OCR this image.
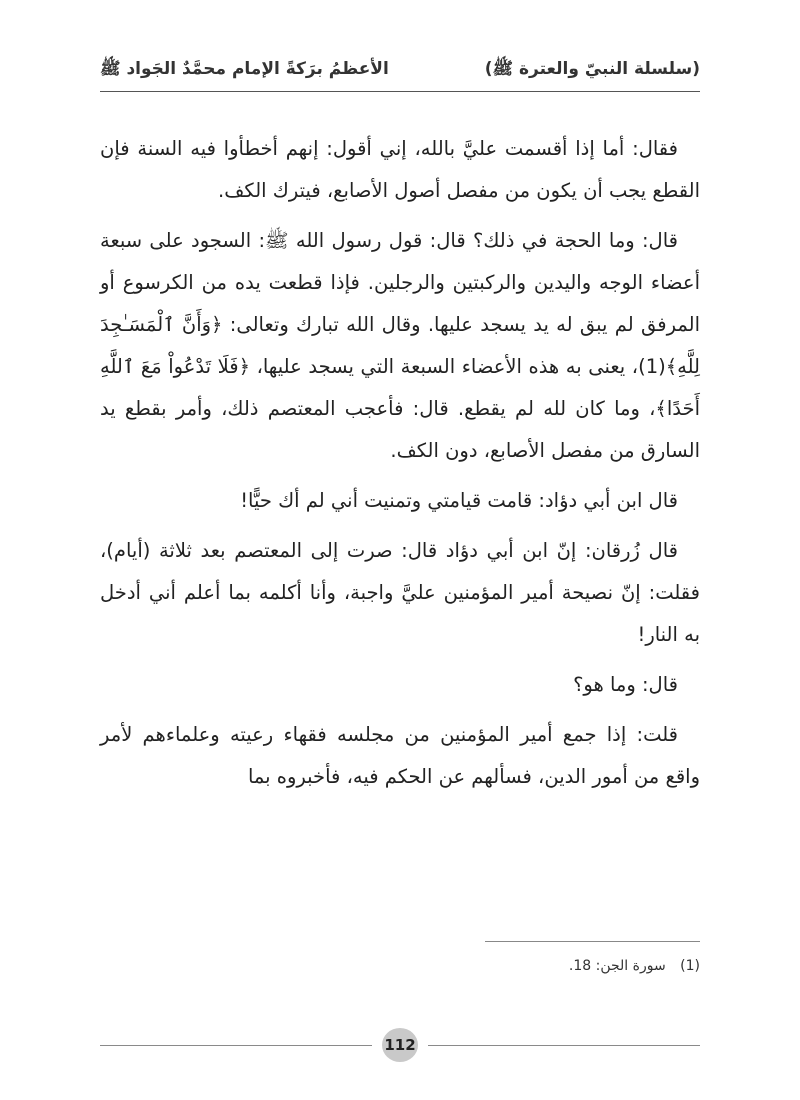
(سلسلة النبيّ والعترة ﷺ)
الأعظمُ برَكةً الإمام محمَّدٌ الجَواد ﷺ

فقال: أما إذا أقسمت عليَّ بالله، إني أقول: إنهم أخطأوا فيه السنة فإن القطع يجب أن يكون من مفصل أصول الأصابع، فيترك الكف.

قال: وما الحجة في ذلك؟ قال: قول رسول الله ﷺ: السجود على سبعة أعضاء الوجه واليدين والركبتين والرجلين. فإذا قطعت يده من الكرسوع أو المرفق لم يبق له يد يسجد عليها. وقال الله تبارك وتعالى: ﴿وَأَنَّ ٱلْمَسَـٰجِدَ لِلَّهِ﴾(1)، يعنى به هذه الأعضاء السبعة التي يسجد عليها، ﴿فَلَا تَدْعُواْ مَعَ ٱللَّهِ أَحَدًا﴾، وما كان لله لم يقطع. قال: فأعجب المعتصم ذلك، وأمر بقطع يد السارق من مفصل الأصابع، دون الكف.

قال ابن أبي دؤاد: قامت قيامتي وتمنيت أني لم أك حيًّا!

قال زُرقان: إنّ ابن أبي دؤاد قال: صرت إلى المعتصم بعد ثلاثة (أيام)، فقلت: إنّ نصيحة أمير المؤمنين عليَّ واجبة، وأنا أكلمه بما أعلم أني أدخل به النار!

قال: وما هو؟

قلت: إذا جمع أمير المؤمنين من مجلسه فقهاء رعيته وعلماءهم لأمر واقع من أمور الدين، فسألهم عن الحكم فيه، فأخبروه بما

(1) سورة الجن: 18.
112
